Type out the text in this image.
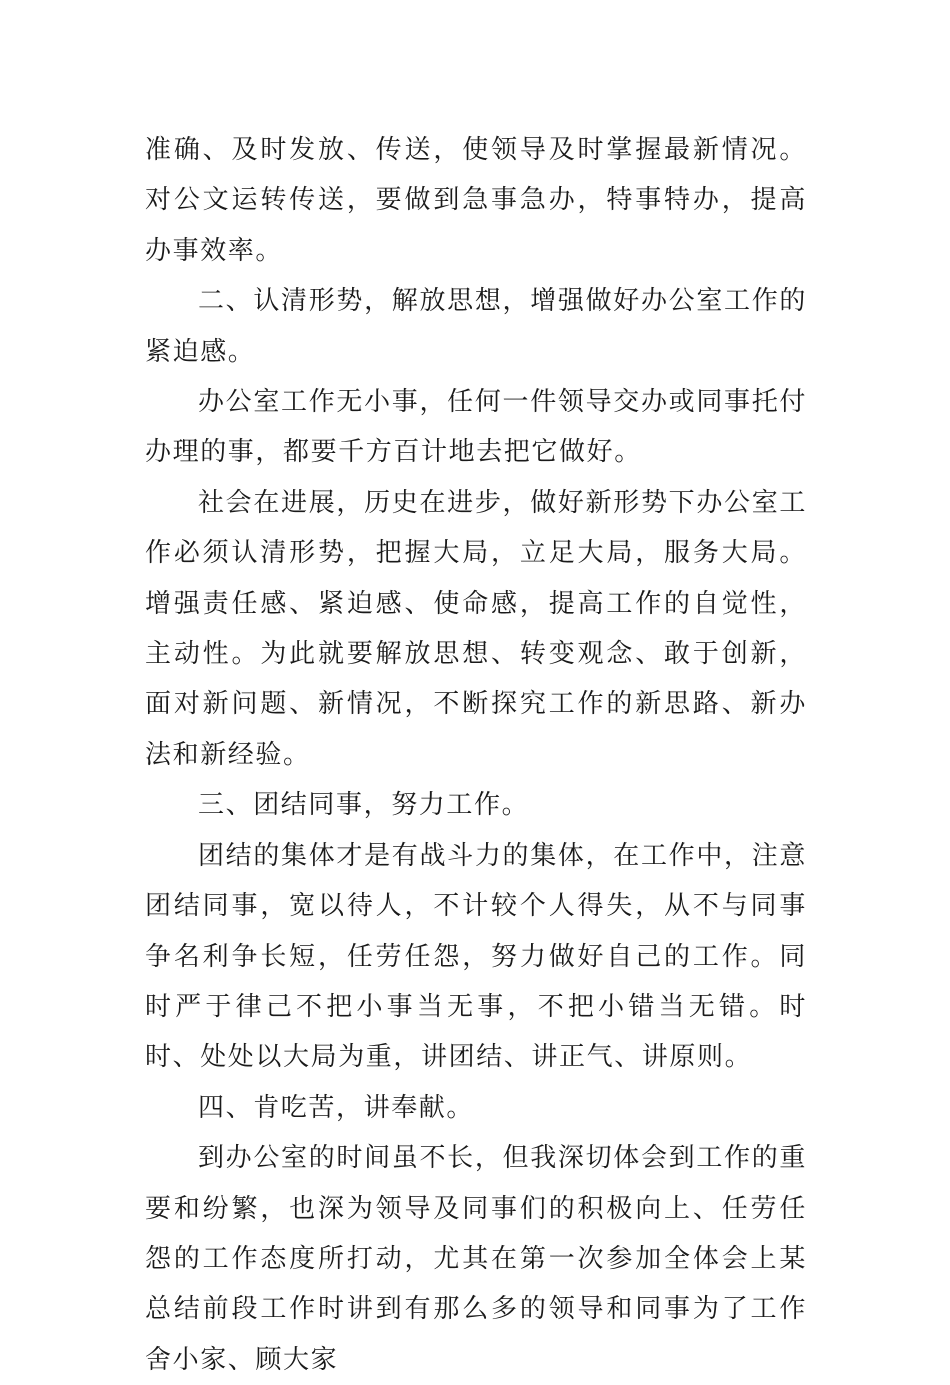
准确、及时发放、传送，使领导及时掌握最新情况。对公文运转传送，要做到急事急办，特事特办，提高办事效率。

二、认清形势，解放思想，增强做好办公室工作的紧迫感。

办公室工作无小事，任何一件领导交办或同事托付办理的事，都要千方百计地去把它做好。

社会在进展，历史在进步，做好新形势下办公室工作必须认清形势，把握大局，立足大局，服务大局。增强责任感、紧迫感、使命感，提高工作的自觉性，主动性。为此就要解放思想、转变观念、敢于创新，面对新问题、新情况，不断探究工作的新思路、新办法和新经验。

三、团结同事，努力工作。

团结的集体才是有战斗力的集体，在工作中，注意团结同事，宽以待人，不计较个人得失，从不与同事争名利争长短，任劳任怨，努力做好自己的工作。同时严于律己不把小事当无事，不把小错当无错。时时、处处以大局为重，讲团结、讲正气、讲原则。

四、肯吃苦，讲奉献。

到办公室的时间虽不长，但我深切体会到工作的重要和纷繁，也深为领导及同事们的积极向上、任劳任怨的工作态度所打动，尤其在第一次参加全体会上某总结前段工作时讲到有那么多的领导和同事为了工作舍小家、顾大家
